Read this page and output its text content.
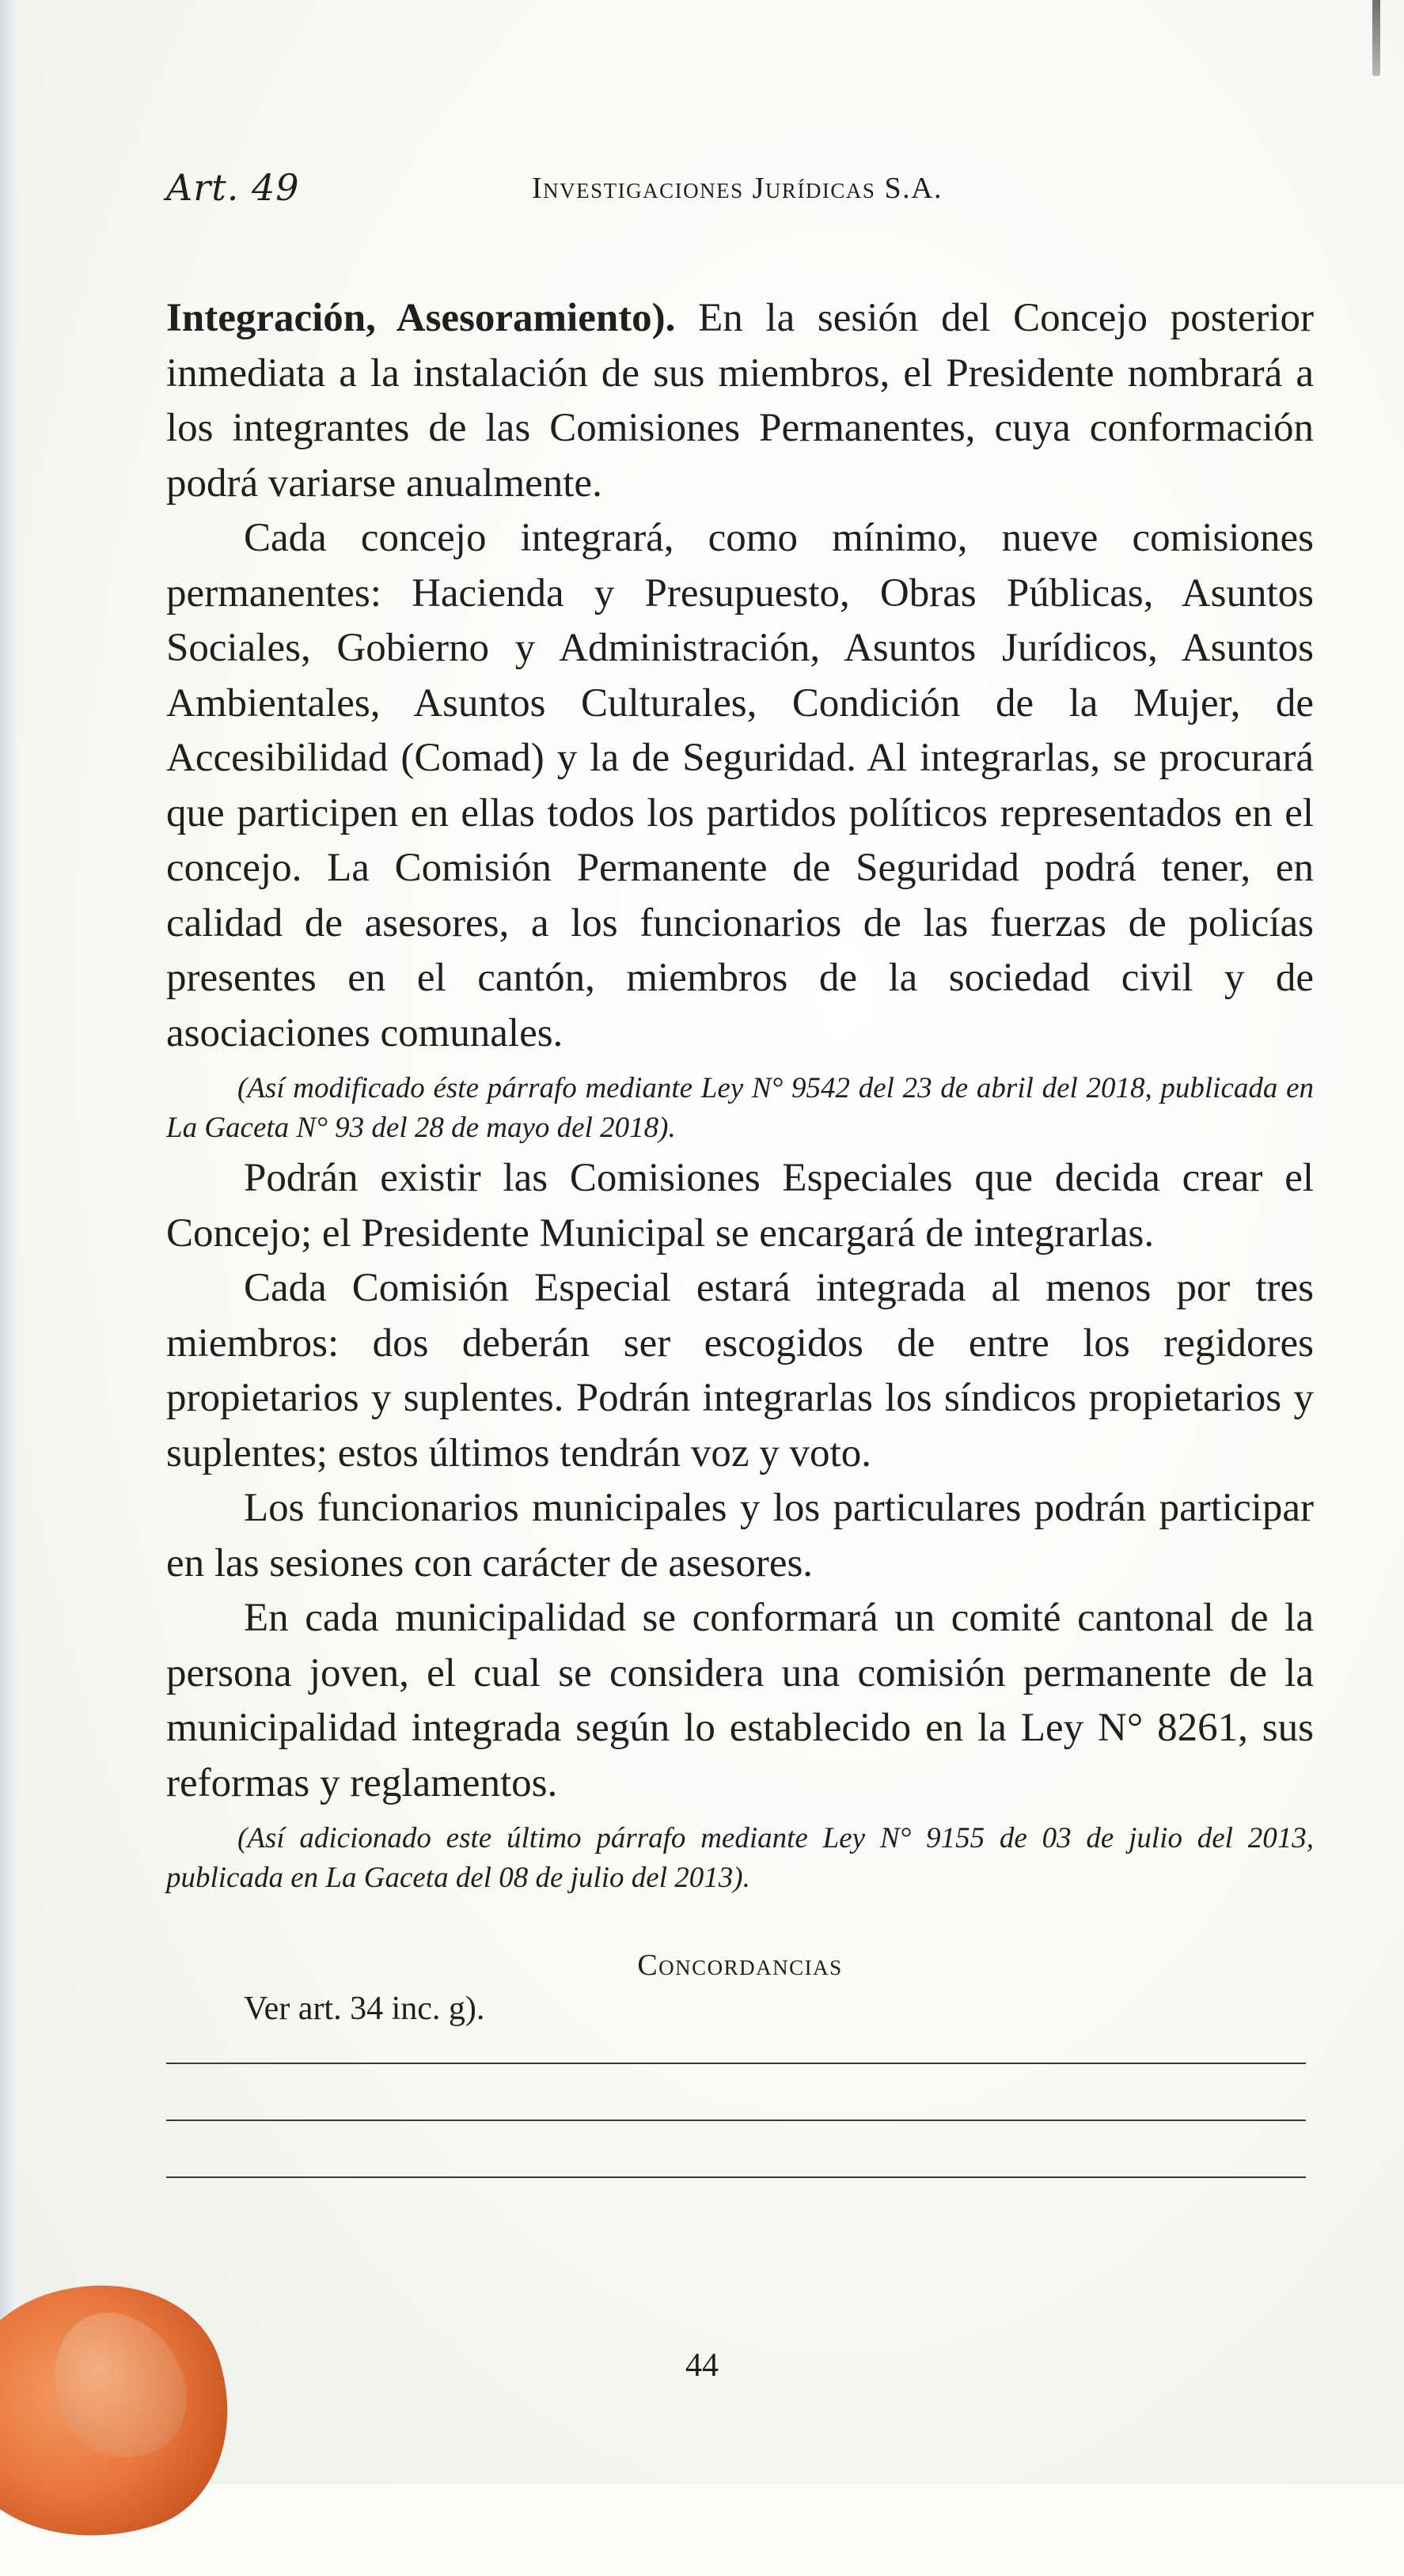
Art. 49	Investigaciones Jurídicas S.A.

Integración, Asesoramiento). En la sesión del Concejo posterior inmediata a la instalación de sus miembros, el Presidente nombrará a los integrantes de las Comisiones Permanentes, cuya conformación podrá variarse anualmente.

Cada concejo integrará, como mínimo, nueve comisiones permanentes: Hacienda y Presupuesto, Obras Públicas, Asuntos Sociales, Gobierno y Administración, Asuntos Jurídicos, Asuntos Ambientales, Asuntos Culturales, Condición de la Mujer, de Accesibilidad (Comad) y la de Seguridad. Al integrarlas, se procurará que participen en ellas todos los partidos políticos representados en el concejo. La Comisión Permanente de Seguridad podrá tener, en calidad de asesores, a los funcionarios de las fuerzas de policías presentes en el cantón, miembros de la sociedad civil y de asociaciones comunales.

(Así modificado éste párrafo mediante Ley N° 9542 del 23 de abril del 2018, publicada en La Gaceta N° 93 del 28 de mayo del 2018).

Podrán existir las Comisiones Especiales que decida crear el Concejo; el Presidente Municipal se encargará de integrarlas.

Cada Comisión Especial estará integrada al menos por tres miembros: dos deberán ser escogidos de entre los regidores propietarios y suplentes. Podrán integrarlas los síndicos propietarios y suplentes; estos últimos tendrán voz y voto.

Los funcionarios municipales y los particulares podrán participar en las sesiones con carácter de asesores.

En cada municipalidad se conformará un comité cantonal de la persona joven, el cual se considera una comisión permanente de la municipalidad integrada según lo establecido en la Ley N° 8261, sus reformas y reglamentos.

(Así adicionado este último párrafo mediante Ley N° 9155 de 03 de julio del 2013, publicada en La Gaceta del 08 de julio del 2013).

Concordancias

Ver art. 34 inc. g).

44
